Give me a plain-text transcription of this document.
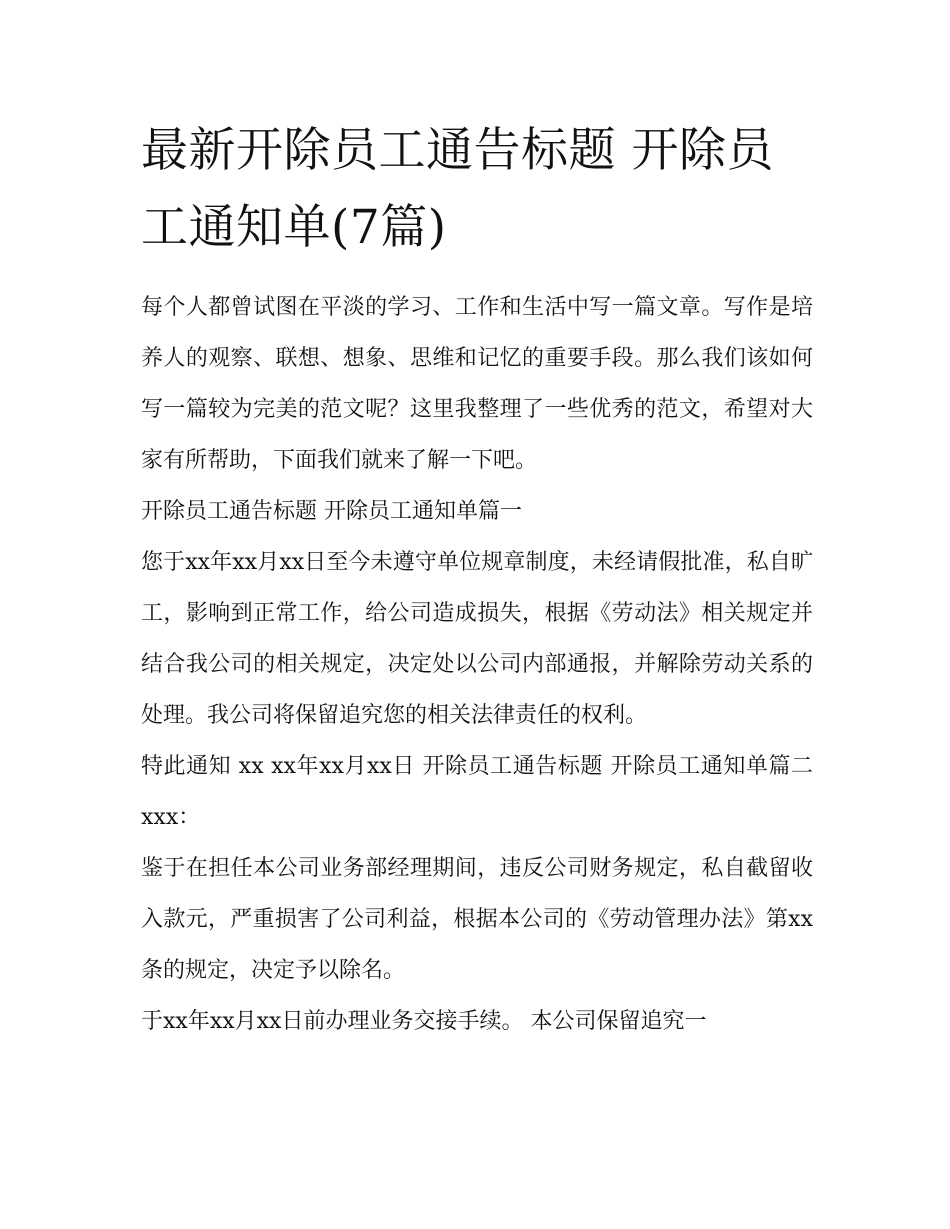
最新开除员工通告标题 开除员工通知单(7篇)

每个人都曾试图在平淡的学习、工作和生活中写一篇文章。写作是培养人的观察、联想、想象、思维和记忆的重要手段。那么我们该如何写一篇较为完美的范文呢？这里我整理了一些优秀的范文，希望对大家有所帮助，下面我们就来了解一下吧。

开除员工通告标题 开除员工通知单篇一

您于xx年xx月xx日至今未遵守单位规章制度，未经请假批准，私自旷工，影响到正常工作，给公司造成损失，根据《劳动法》相关规定并结合我公司的相关规定，决定处以公司内部通报，并解除劳动关系的处理。我公司将保留追究您的相关法律责任的权利。

特此通知 xx xx年xx月xx日 开除员工通告标题 开除员工通知单篇二 xxx：

鉴于在担任本公司业务部经理期间，违反公司财务规定，私自截留收入款元，严重损害了公司利益，根据本公司的《劳动管理办法》第xx条的规定，决定予以除名。

于xx年xx月xx日前办理业务交接手续。 本公司保留追究一
